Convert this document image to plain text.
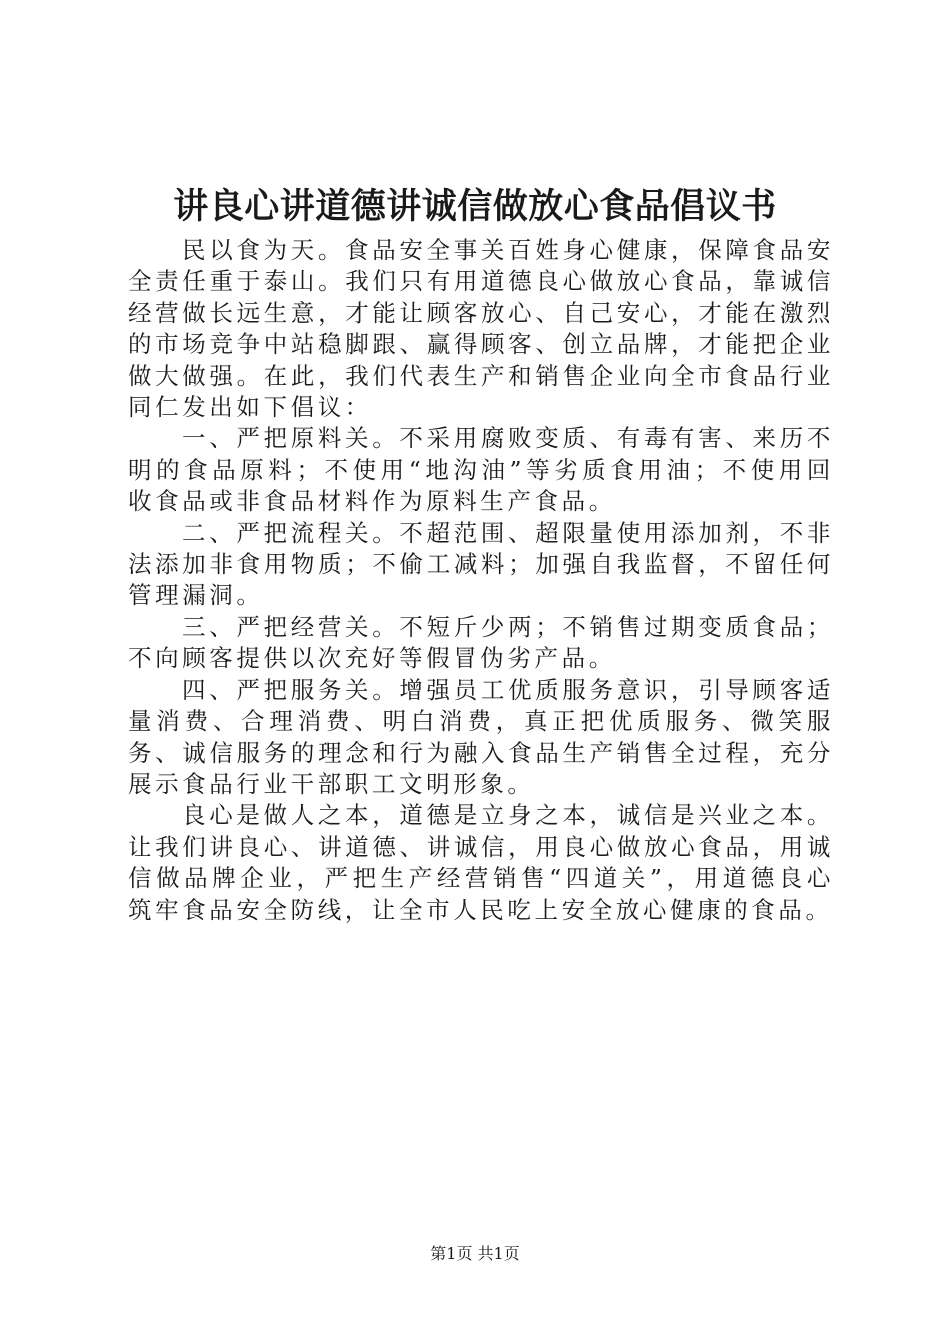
讲良心讲道德讲诚信做放心食品倡议书

民以食为天。食品安全事关百姓身心健康，保障食品安全责任重于泰山。我们只有用道德良心做放心食品，靠诚信经营做长远生意，才能让顾客放心、自己安心，才能在激烈的市场竞争中站稳脚跟、赢得顾客、创立品牌，才能把企业做大做强。在此，我们代表生产和销售企业向全市食品行业同仁发出如下倡议：

一、严把原料关。不采用腐败变质、有毒有害、来历不明的食品原料；不使用“地沟油”等劣质食用油；不使用回收食品或非食品材料作为原料生产食品。

二、严把流程关。不超范围、超限量使用添加剂，不非法添加非食用物质；不偷工减料；加强自我监督，不留任何管理漏洞。

三、严把经营关。不短斤少两；不销售过期变质食品；不向顾客提供以次充好等假冒伪劣产品。

四、严把服务关。增强员工优质服务意识，引导顾客适量消费、合理消费、明白消费，真正把优质服务、微笑服务、诚信服务的理念和行为融入食品生产销售全过程，充分展示食品行业干部职工文明形象。

良心是做人之本，道德是立身之本，诚信是兴业之本。让我们讲良心、讲道德、讲诚信，用良心做放心食品，用诚信做品牌企业，严把生产经营销售“四道关”，用道德良心筑牢食品安全防线，让全市人民吃上安全放心健康的食品。

第1页 共1页
